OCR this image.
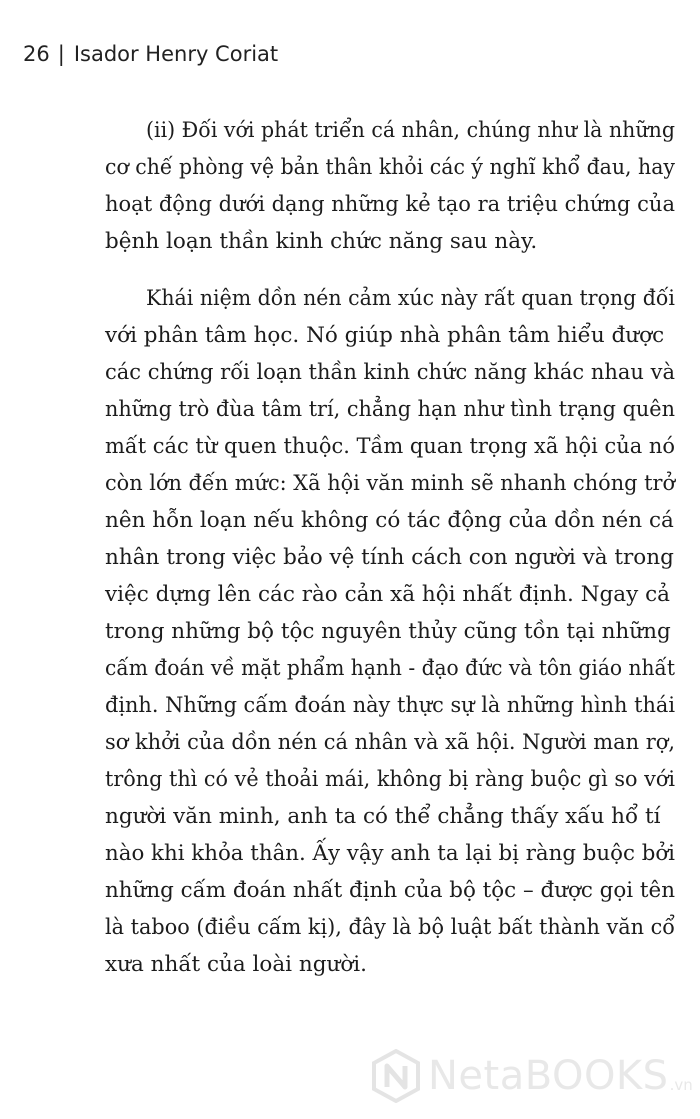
26 | Isador Henry Coriat
(ii) Đối với phát triển cá nhân, chúng như là những
cơ chế phòng vệ bản thân khỏi các ý nghĩ khổ đau, hay
hoạt động dưới dạng những kẻ tạo ra triệu chứng của
bệnh loạn thần kinh chức năng sau này.
Khái niệm dồn nén cảm xúc này rất quan trọng đối
với phân tâm học. Nó giúp nhà phân tâm hiểu được
các chứng rối loạn thần kinh chức năng khác nhau và
những trò đùa tâm trí, chẳng hạn như tình trạng quên
mất các từ quen thuộc. Tầm quan trọng xã hội của nó
còn lớn đến mức: Xã hội văn minh sẽ nhanh chóng trở
nên hỗn loạn nếu không có tác động của dồn nén cá
nhân trong việc bảo vệ tính cách con người và trong
việc dựng lên các rào cản xã hội nhất định. Ngay cả
trong những bộ tộc nguyên thủy cũng tồn tại những
cấm đoán về mặt phẩm hạnh - đạo đức và tôn giáo nhất
định. Những cấm đoán này thực sự là những hình thái
sơ khởi của dồn nén cá nhân và xã hội. Người man rợ,
trông thì có vẻ thoải mái, không bị ràng buộc gì so với
người văn minh, anh ta có thể chẳng thấy xấu hổ tí
nào khi khỏa thân. Ấy vậy anh ta lại bị ràng buộc bởi
những cấm đoán nhất định của bộ tộc – được gọi tên
là taboo (điều cấm kị), đây là bộ luật bất thành văn cổ
xưa nhất của loài người.
NetaBOOKS .vn
